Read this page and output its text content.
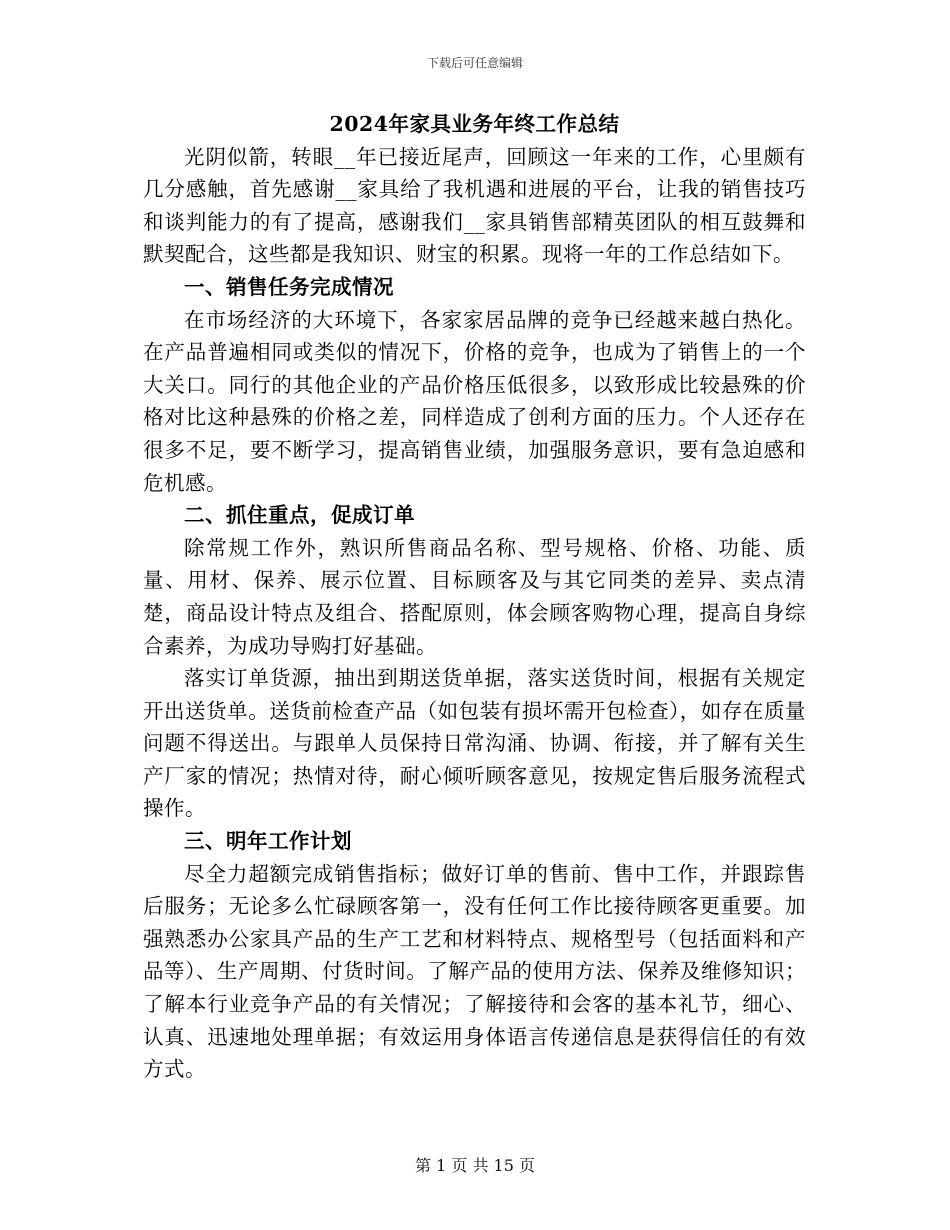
下载后可任意编辑

2024年家具业务年终工作总结

光阴似箭，转眼__年已接近尾声，回顾这一年来的工作，心里颇有几分感触，首先感谢__家具给了我机遇和进展的平台，让我的销售技巧和谈判能力的有了提高，感谢我们__家具销售部精英团队的相互鼓舞和默契配合，这些都是我知识、财宝的积累。现将一年的工作总结如下。

一、销售任务完成情况

在市场经济的大环境下，各家家居品牌的竞争已经越来越白热化。在产品普遍相同或类似的情况下，价格的竞争，也成为了销售上的一个大关口。同行的其他企业的产品价格压低很多，以致形成比较悬殊的价格对比这种悬殊的价格之差，同样造成了创利方面的压力。个人还存在很多不足，要不断学习，提高销售业绩，加强服务意识，要有急迫感和危机感。

二、抓住重点，促成订单

除常规工作外，熟识所售商品名称、型号规格、价格、功能、质量、用材、保养、展示位置、目标顾客及与其它同类的差异、卖点清楚，商品设计特点及组合、搭配原则，体会顾客购物心理，提高自身综合素养，为成功导购打好基础。

落实订单货源，抽出到期送货单据，落实送货时间，根据有关规定开出送货单。送货前检查产品（如包装有损坏需开包检查），如存在质量问题不得送出。与跟单人员保持日常沟涌、协调、衔接，并了解有关生产厂家的情况；热情对待，耐心倾听顾客意见，按规定售后服务流程式操作。

三、明年工作计划

尽全力超额完成销售指标；做好订单的售前、售中工作，并跟踪售后服务；无论多么忙碌顾客第一，没有任何工作比接待顾客更重要。加强熟悉办公家具产品的生产工艺和材料特点、规格型号（包括面料和产品等）、生产周期、付货时间。了解产品的使用方法、保养及维修知识；了解本行业竞争产品的有关情况；了解接待和会客的基本礼节，细心、认真、迅速地处理单据；有效运用身体语言传递信息是获得信任的有效方式。

第 1 页 共 15 页
